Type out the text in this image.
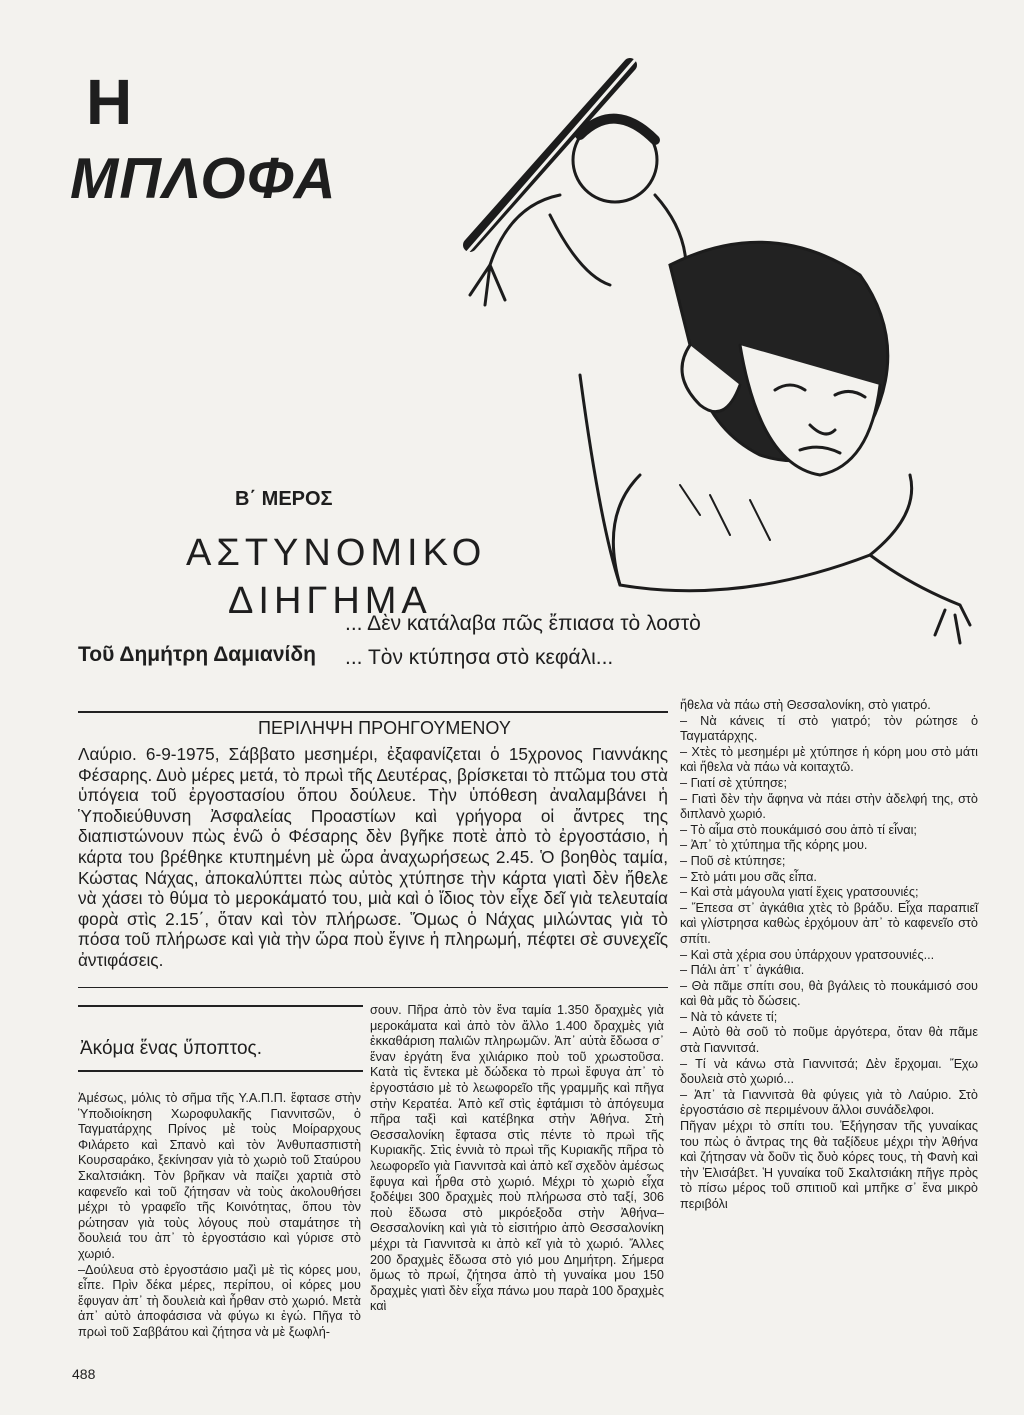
Η
ΜΠΛΟΦΑ
Β΄ ΜΕΡΟΣ
ΑΣΤΥΝΟΜΙΚΟ
ΔΙΗΓΗΜΑ
Τοῦ Δημήτρη Δαμιανίδη
... Δὲν κατάλαβα πῶς ἔπιασα τὸ λοστὸ
... Τὸν κτύπησα στὸ κεφάλι...
ΠΕΡΙΛΗΨΗ ΠΡΟΗΓΟΥΜΕΝΟΥ
Λαύριο. 6-9-1975, Σάββατο μεσημέρι, ἐξαφανίζεται ὁ 15χρονος Γιαννάκης Φέσαρης. Δυὸ μέρες μετά, τὸ πρωὶ τῆς Δευτέρας, βρίσκεται τὸ πτῶμα του στὰ ὑπόγεια τοῦ ἐργοστασίου ὅπου δούλευε. Τὴν ὑπόθεση ἀναλαμβάνει ἡ Ὑποδιεύθυνση Ἀσφαλείας Προαστίων καὶ γρήγορα οἱ ἄντρες της διαπιστώνουν πὼς ἐνῶ ὁ Φέσαρης δὲν βγῆκε ποτὲ ἀπὸ τὸ ἐργοστάσιο, ἡ κάρτα του βρέθηκε κτυπημένη μὲ ὥρα ἀναχωρήσεως 2.45. Ὁ βοηθὸς ταμία, Κώστας Νάχας, ἀποκαλύπτει πὼς αὐτὸς χτύπησε τὴν κάρτα γιατὶ δὲν ἤθελε νὰ χάσει τὸ θύμα τὸ μεροκάματό του, μιὰ καὶ ὁ ἴδιος τὸν εἶχε δεῖ γιὰ τελευταία φορὰ στὶς 2.15΄, ὅταν καὶ τὸν πλήρωσε. Ὅμως ὁ Νάχας μιλώντας γιὰ τὸ πόσα τοῦ πλήρωσε καὶ γιὰ τὴν ὥρα ποὺ ἔγινε ἡ πληρωμή, πέφτει σὲ συνεχεῖς ἀντιφάσεις.
Ἀκόμα ἕνας ὕποπτος.

Ἀμέσως, μόλις τὸ σῆμα τῆς Υ.Α.Π.Π. ἔφτασε στὴν Ὑποδιοίκηση Χωροφυλακῆς Γιαννιτσῶν, ὁ Ταγματάρχης Πρίνος μὲ τοὺς Μοίραρχους Φιλάρετο καὶ Σπανὸ καὶ τὸν Ἀνθυπασπιστὴ Κουρσαράκο, ξεκίνησαν γιὰ τὸ χωριὸ τοῦ Σταύρου Σκαλτσιάκη. Τὸν βρῆκαν νὰ παίζει χαρτιὰ στὸ καφενεῖο καὶ τοῦ ζήτησαν νὰ τοὺς ἀκολουθήσει μέχρι τὸ γραφεῖο τῆς Κοινότητας, ὅπου τὸν ρώτησαν γιὰ τοὺς λόγους ποὺ σταμάτησε τὴ δουλειά του ἀπ᾽ τὸ ἐργοστάσιο καὶ γύρισε στὸ χωριό.

–Δούλευα στὸ ἐργοστάσιο μαζὶ μὲ τὶς κόρες μου, εἶπε. Πρὶν δέκα μέρες, περίπου, οἱ κόρες μου ἔφυγαν ἀπ᾽ τὴ δουλειὰ καὶ ἦρθαν στὸ χωριό. Μετὰ ἀπ᾽ αὐτὸ ἀποφάσισα νὰ φύγω κι ἐγώ. Πῆγα τὸ πρωὶ τοῦ Σαββάτου καὶ ζήτησα νὰ μὲ ξωφλή-

σουν. Πῆρα ἀπὸ τὸν ἕνα ταμία 1.350 δραχμὲς γιὰ μεροκάματα καὶ ἀπὸ τὸν ἄλλο 1.400 δραχμὲς γιὰ ἐκκαθάριση παλιῶν πληρωμῶν. Ἀπ᾽ αὐτὰ ἔδωσα σ᾽ ἕναν ἐργάτη ἕνα χιλιάρικο ποὺ τοῦ χρωστοῦσα. Κατὰ τὶς ἔντεκα μὲ δώδεκα τὸ πρωὶ ἔφυγα ἀπ᾽ τὸ ἐργοστάσιο μὲ τὸ λεωφορεῖο τῆς γραμμῆς καὶ πῆγα στὴν Κερατέα. Ἀπὸ κεῖ στὶς ἐφτάμισι τὸ ἀπόγευμα πῆρα ταξὶ καὶ κατέβηκα στὴν Ἀθήνα. Στὴ Θεσσαλονίκη ἔφτασα στὶς πέντε τὸ πρωὶ τῆς Κυριακῆς. Στὶς ἐννιὰ τὸ πρωὶ τῆς Κυριακῆς πῆρα τὸ λεωφορεῖο γιὰ Γιαννιτσὰ καὶ ἀπὸ κεῖ σχεδὸν ἀμέσως ἔφυγα καὶ ἦρθα στὸ χωριό. Μέχρι τὸ χωριὸ εἶχα ξοδέψει 300 δραχμὲς ποὺ πλήρωσα στὸ ταξί, 306 ποὺ ἔδωσα στὸ μικρόεξοδα στὴν Ἀθήνα– Θεσσαλονίκη καὶ γιὰ τὸ εἰσιτήριο ἀπὸ Θεσσαλονίκη μέχρι τὰ Γιαννιτσὰ κι ἀπὸ κεῖ γιὰ τὸ χωριό. Ἄλλες 200 δραχμὲς ἔδωσα στὸ γιό μου Δημήτρη. Σήμερα ὅμως τὸ πρωί, ζήτησα ἀπὸ τὴ γυναίκα μου 150 δραχμὲς γιατὶ δὲν εἶχα πάνω μου παρὰ 100 δραχμὲς καὶ

ἤθελα νὰ πάω στὴ Θεσσαλονίκη, στὸ γιατρό.

– Νὰ κάνεις τί στὸ γιατρό; τὸν ρώτησε ὁ Ταγματάρχης.

– Χτὲς τὸ μεσημέρι μὲ χτύπησε ἡ κόρη μου στὸ μάτι καὶ ἤθελα νὰ πάω νὰ κοιταχτῶ.

– Γιατί σὲ χτύπησε;

– Γιατὶ δὲν τὴν ἄφηνα νὰ πάει στὴν ἀδελφή της, στὸ διπλανὸ χωριό.

– Τὸ αἷμα στὸ πουκάμισό σου ἀπὸ τί εἶναι;

– Ἀπ᾽ τὸ χτύπημα τῆς κόρης μου.

– Ποῦ σὲ κτύπησε;

– Στὸ μάτι μου σᾶς εἶπα.

– Καὶ στὰ μάγουλα γιατί ἔχεις γρατσουνιές;

– Ἔπεσα στ᾽ ἀγκάθια χτὲς τὸ βράδυ. Εἶχα παραπιεῖ καὶ γλίστρησα καθὼς ἐρχόμουν ἀπ᾽ τὸ καφενεῖο στὸ σπίτι.

– Καὶ στὰ χέρια σου ὑπάρχουν γρατσουνιές...

– Πάλι ἀπ᾽ τ᾽ ἀγκάθια.

– Θὰ πᾶμε σπίτι σου, θὰ βγάλεις τὸ πουκάμισό σου καὶ θὰ μᾶς τὸ δώσεις.

– Νὰ τὸ κάνετε τί;

– Αὐτὸ θὰ σοῦ τὸ ποῦμε ἀργότερα, ὅταν θὰ πᾶμε στὰ Γιαννιτσά.

– Τί νὰ κάνω στὰ Γιαννιτσά; Δὲν ἔρχομαι. Ἔχω δουλειὰ στὸ χωριό...

– Ἀπ᾽ τὰ Γιαννιτσὰ θὰ φύγεις γιὰ τὸ Λαύριο. Στὸ ἐργοστάσιο σὲ περιμένουν ἄλλοι συνάδελφοι.

Πῆγαν μέχρι τὸ σπίτι του. Ἐξήγησαν τῆς γυναίκας του πὼς ὁ ἄντρας της θὰ ταξίδευε μέχρι τὴν Ἀθήνα καὶ ζήτησαν νὰ δοῦν τὶς δυὸ κόρες τους, τὴ Φανὴ καὶ τὴν Ἐλισάβετ. Ἡ γυναίκα τοῦ Σκαλτσιάκη πῆγε πρὸς τὸ πίσω μέρος τοῦ σπιτιοῦ καὶ μπῆκε σ᾽ ἕνα μικρὸ περιβόλι

488
